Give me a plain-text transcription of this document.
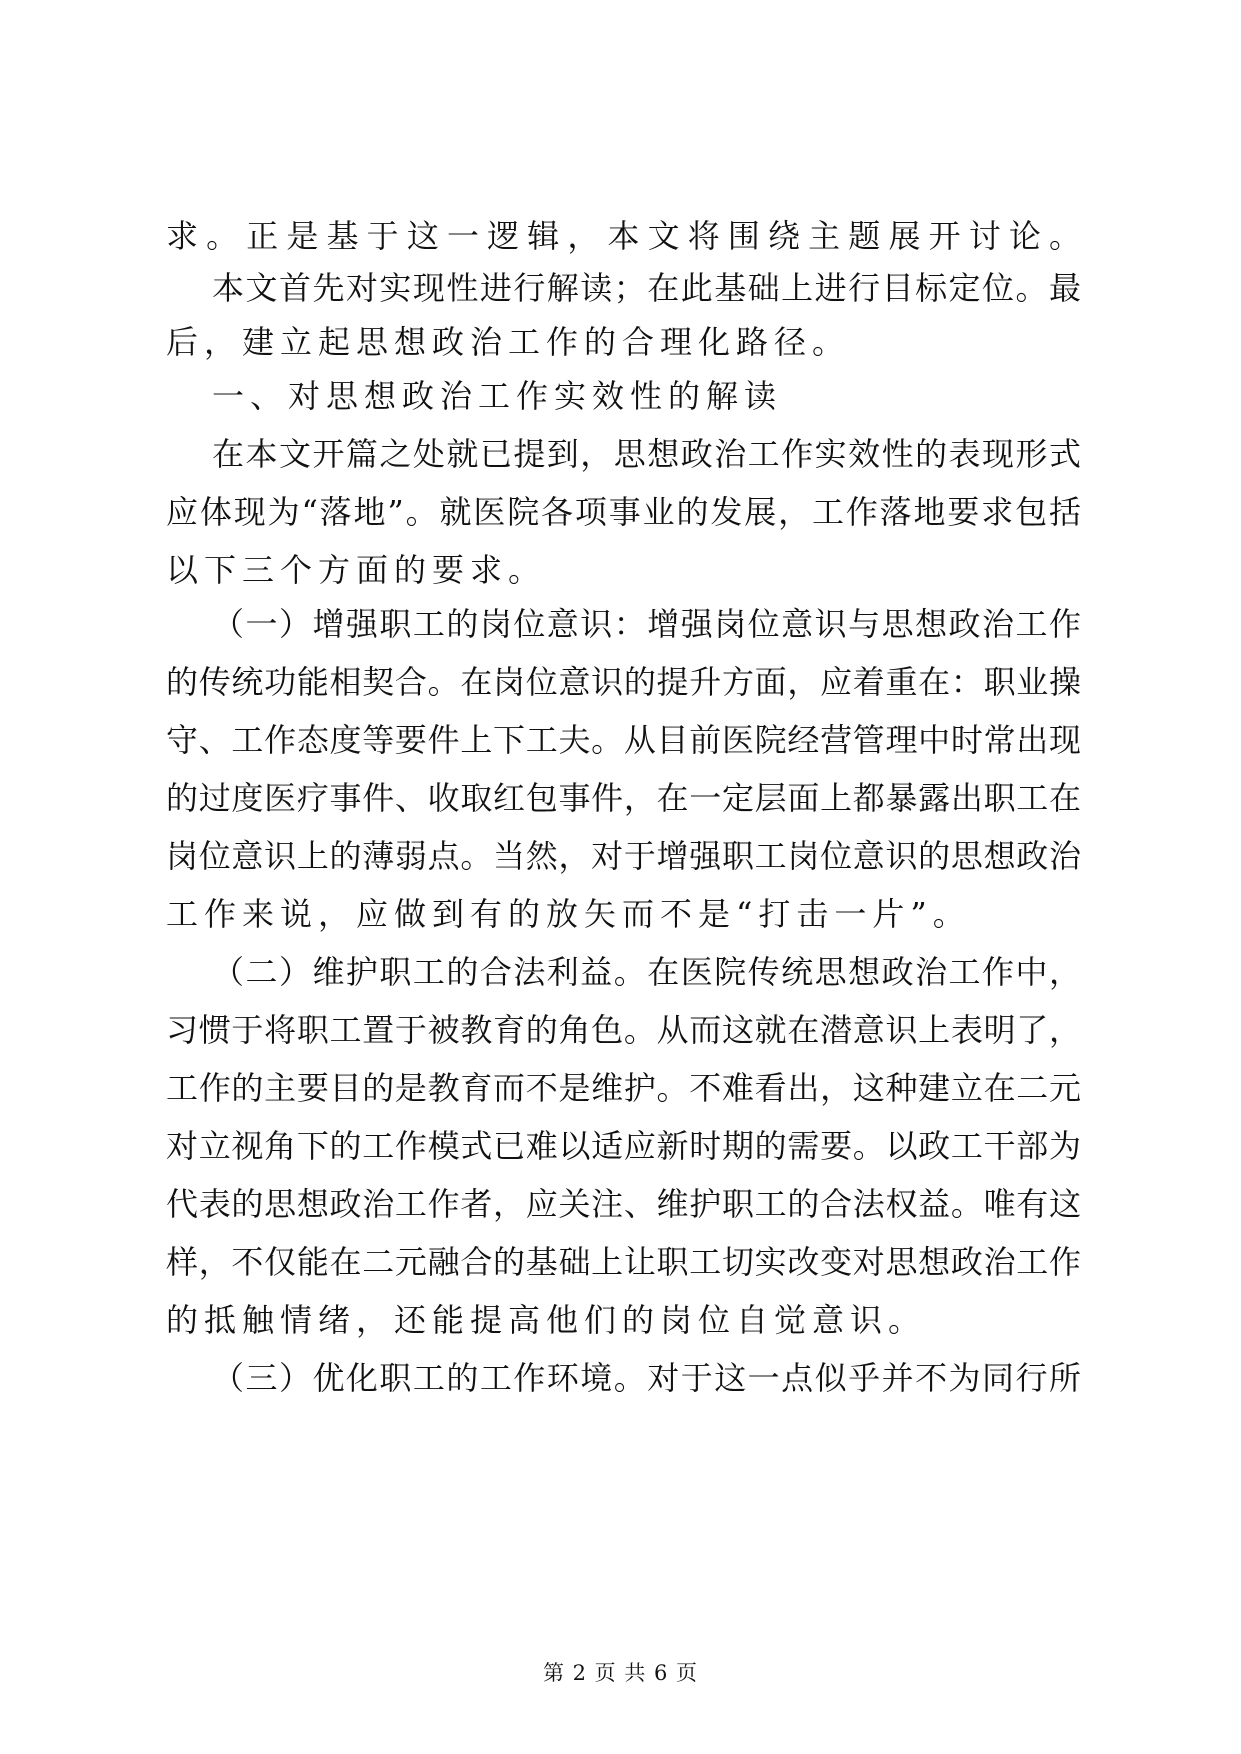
求。正是基于这一逻辑，本文将围绕主题展开讨论。
本文首先对实现性进行解读；在此基础上进行目标定位。最
后，建立起思想政治工作的合理化路径。
一、对思想政治工作实效性的解读
在本文开篇之处就已提到，思想政治工作实效性的表现形式
应体现为“落地”。就医院各项事业的发展，工作落地要求包括
以下三个方面的要求。
（一）增强职工的岗位意识：增强岗位意识与思想政治工作
的传统功能相契合。在岗位意识的提升方面，应着重在：职业操
守、工作态度等要件上下工夫。从目前医院经营管理中时常出现
的过度医疗事件、收取红包事件，在一定层面上都暴露出职工在
岗位意识上的薄弱点。当然，对于增强职工岗位意识的思想政治
工作来说，应做到有的放矢而不是“打击一片”。
（二）维护职工的合法利益。在医院传统思想政治工作中，
习惯于将职工置于被教育的角色。从而这就在潜意识上表明了，
工作的主要目的是教育而不是维护。不难看出，这种建立在二元
对立视角下的工作模式已难以适应新时期的需要。以政工干部为
代表的思想政治工作者，应关注、维护职工的合法权益。唯有这
样，不仅能在二元融合的基础上让职工切实改变对思想政治工作
的抵触情绪，还能提高他们的岗位自觉意识。
（三）优化职工的工作环境。对于这一点似乎并不为同行所
第 2 页 共 6 页
